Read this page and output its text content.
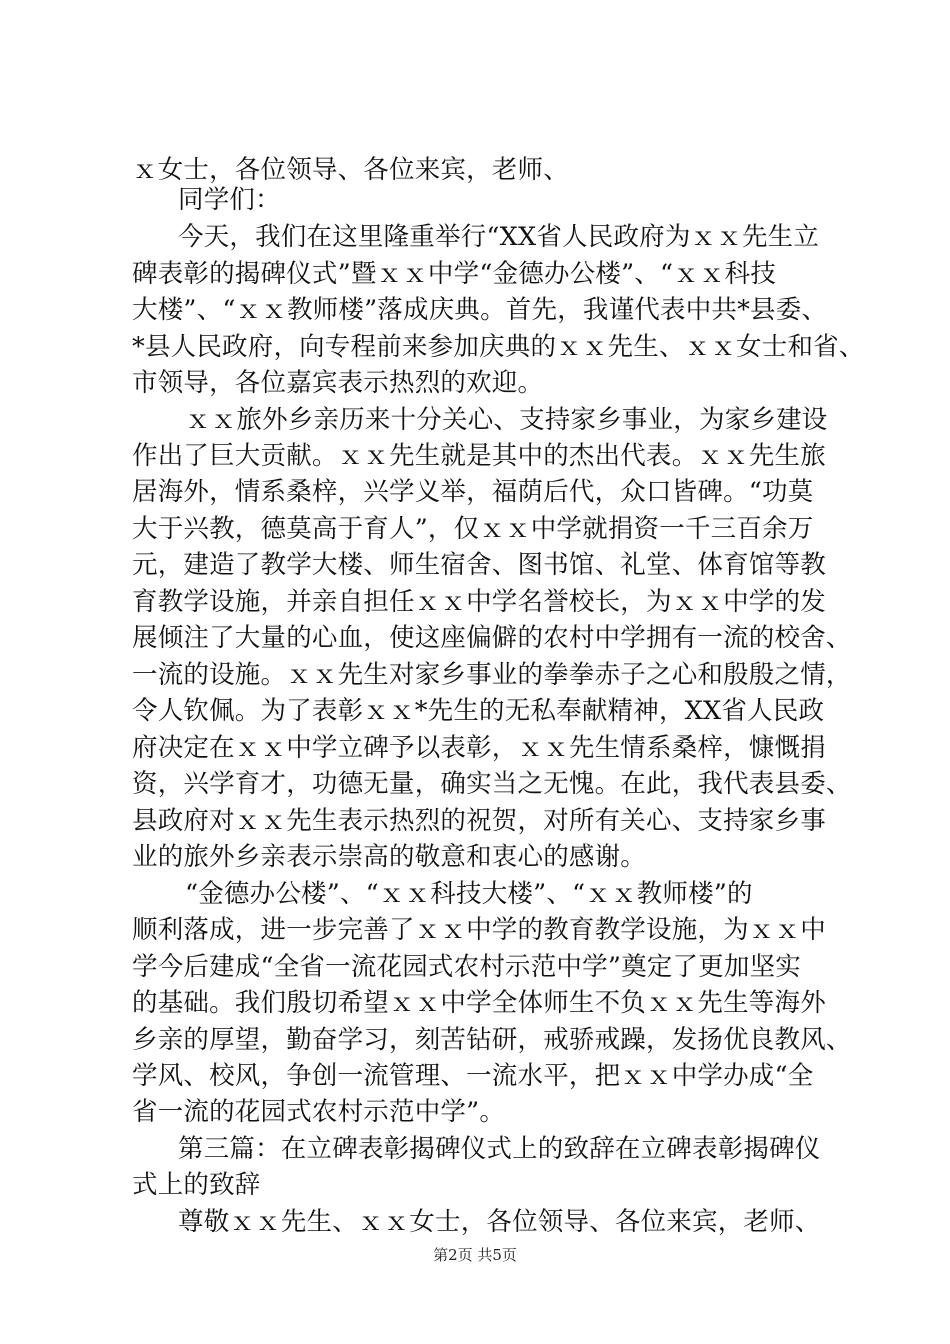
ｘ女士，各位领导、各位来宾，老师、
同学们：
今天，我们在这里隆重举行“XX省人民政府为ｘｘ先生立
碑表彰的揭碑仪式”暨ｘｘ中学“金德办公楼”、“ｘｘ科技
大楼”、“ｘｘ教师楼”落成庆典。首先，我谨代表中共*县委、
*县人民政府，向专程前来参加庆典的ｘｘ先生、ｘｘ女士和省、
市领导，各位嘉宾表示热烈的欢迎。
ｘｘ旅外乡亲历来十分关心、支持家乡事业，为家乡建设
作出了巨大贡献。ｘｘ先生就是其中的杰出代表。ｘｘ先生旅
居海外，情系桑梓，兴学义举，福荫后代，众口皆碑。“功莫
大于兴教，德莫高于育人”，仅ｘｘ中学就捐资一千三百余万
元，建造了教学大楼、师生宿舍、图书馆、礼堂、体育馆等教
育教学设施，并亲自担任ｘｘ中学名誉校长，为ｘｘ中学的发
展倾注了大量的心血，使这座偏僻的农村中学拥有一流的校舍、
一流的设施。ｘｘ先生对家乡事业的拳拳赤子之心和殷殷之情，
令人钦佩。为了表彰ｘｘ*先生的无私奉献精神，XX省人民政
府决定在ｘｘ中学立碑予以表彰，ｘｘ先生情系桑梓，慷慨捐
资，兴学育才，功德无量，确实当之无愧。在此，我代表县委、
县政府对ｘｘ先生表示热烈的祝贺，对所有关心、支持家乡事
业的旅外乡亲表示崇高的敬意和衷心的感谢。
“金德办公楼”、“ｘｘ科技大楼”、“ｘｘ教师楼”的
顺利落成，进一步完善了ｘｘ中学的教育教学设施，为ｘｘ中
学今后建成“全省一流花园式农村示范中学”奠定了更加坚实
的基础。我们殷切希望ｘｘ中学全体师生不负ｘｘ先生等海外
乡亲的厚望，勤奋学习，刻苦钻研，戒骄戒躁，发扬优良教风、
学风、校风，争创一流管理、一流水平，把ｘｘ中学办成“全
省一流的花园式农村示范中学”。
第三篇：在立碑表彰揭碑仪式上的致辞在立碑表彰揭碑仪
式上的致辞
尊敬ｘｘ先生、ｘｘ女士，各位领导、各位来宾，老师、
第2页 共5页
